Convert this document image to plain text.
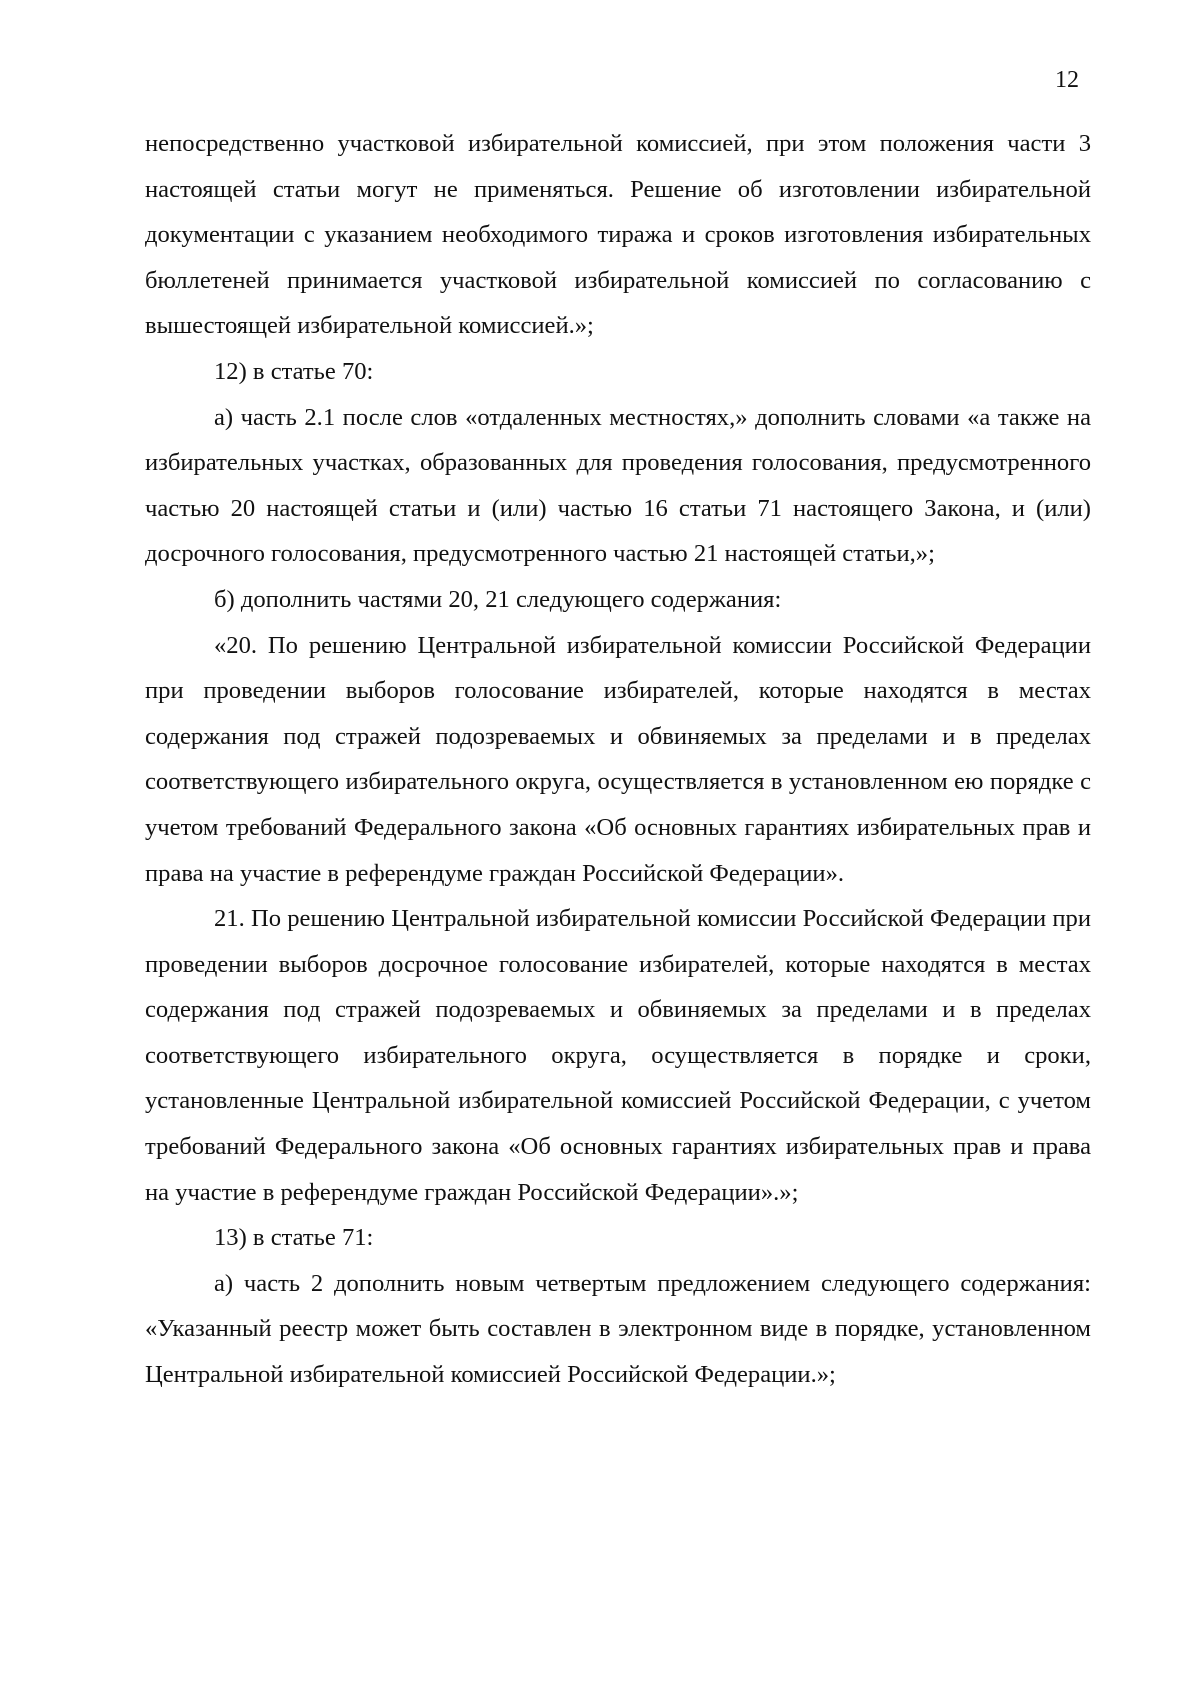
12

непосредственно участковой избирательной комиссией, при этом положения части 3 настоящей статьи могут не применяться. Решение об изготовлении избирательной документации с указанием необходимого тиража и сроков изготовления избирательных бюллетеней принимается участковой избирательной комиссией по согласованию с вышестоящей избирательной комиссией.»;

12) в статье 70:

а) часть 2.1 после слов «отдаленных местностях,» дополнить словами «а также на избирательных участках, образованных для проведения голосования, предусмотренного частью 20 настоящей статьи и (или) частью 16 статьи 71 настоящего Закона, и (или) досрочного голосования, предусмотренного частью 21 настоящей статьи,»;

б) дополнить частями 20, 21 следующего содержания:

«20. По решению Центральной избирательной комиссии Российской Федерации при проведении выборов голосование избирателей, которые находятся в местах содержания под стражей подозреваемых и обвиняемых за пределами и в пределах соответствующего избирательного округа, осуществляется в установленном ею порядке с учетом требований Федерального закона «Об основных гарантиях избирательных прав и права на участие в референдуме граждан Российской Федерации».

21. По решению Центральной избирательной комиссии Российской Федерации при проведении выборов досрочное голосование избирателей, которые находятся в местах содержания под стражей подозреваемых и обвиняемых за пределами и в пределах соответствующего избирательного округа, осуществляется в порядке и сроки, установленные Центральной избирательной комиссией Российской Федерации, с учетом требований Федерального закона «Об основных гарантиях избирательных прав и права на участие в референдуме граждан Российской Федерации».»;

13) в статье 71:

а) часть 2 дополнить новым четвертым предложением следующего содержания: «Указанный реестр может быть составлен в электронном виде в порядке, установленном Центральной избирательной комиссией Российской Федерации.»;
